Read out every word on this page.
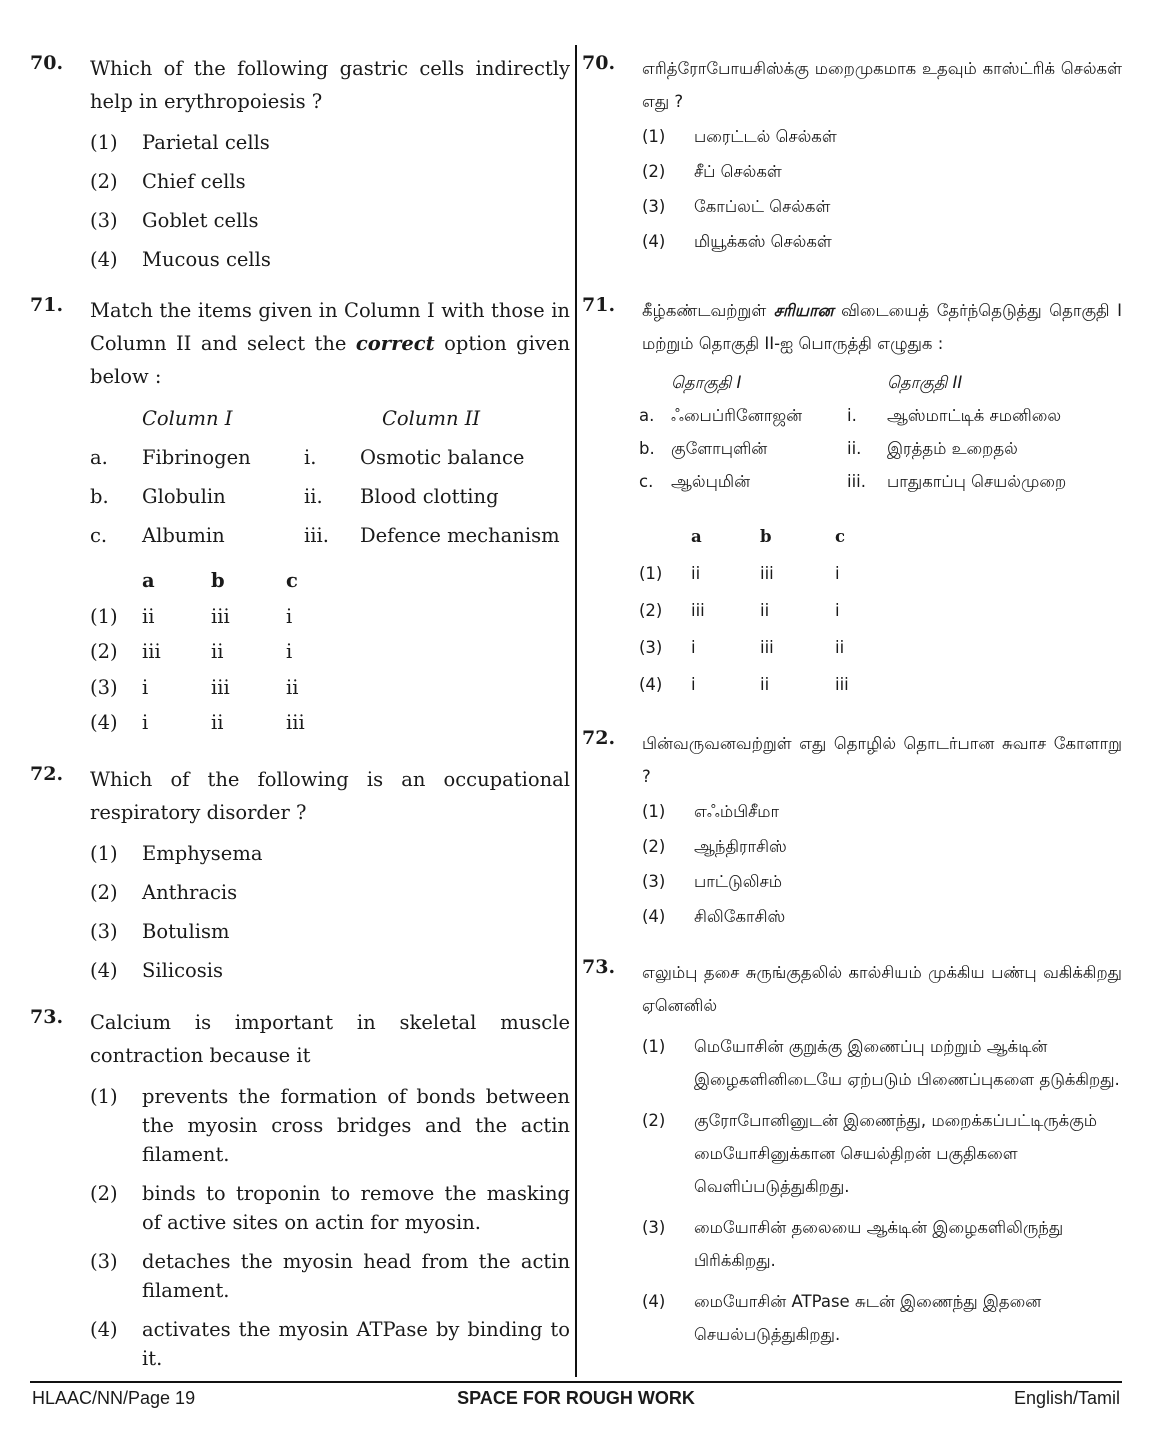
70. Which of the following gastric cells indirectly help in erythropoiesis ?
(1)	Parietal cells
(2)	Chief cells
(3)	Goblet cells
(4)	Mucous cells
71. Match the items given in Column I with those in Column II and select the correct option given below :
Column I	Column II
a.	Fibrinogen	i.	Osmotic balance
b.	Globulin	ii.	Blood clotting
c.	Albumin	iii.	Defence mechanism
a	b	c
(1)	ii	iii	i
(2)	iii	ii	i
(3)	i	iii	ii
(4)	i	ii	iii
72. Which of the following is an occupational respiratory disorder ?
(1)	Emphysema
(2)	Anthracis
(3)	Botulism
(4)	Silicosis
73. Calcium is important in skeletal muscle contraction because it
(1)	prevents the formation of bonds between the myosin cross bridges and the actin filament.
(2)	binds to troponin to remove the masking of active sites on actin for myosin.
(3)	detaches the myosin head from the actin filament.
(4)	activates the myosin ATPase by binding to it.
70. எரித்ரோபோயசிஸ்க்கு மறைமுகமாக உதவும் காஸ்ட்ரிக் செல்கள் எது ?
(1)	பரைட்டல் செல்கள்
(2)	சீப் செல்கள்
(3)	கோப்லட் செல்கள்
(4)	மியூக்கஸ் செல்கள்
71. கீழ்கண்டவற்றுள் சரியான விடையைத் தேர்ந்தெடுத்து தொகுதி I மற்றும் தொகுதி II-ஐ பொருத்தி எழுதுக :
தொகுதி I	தொகுதி II
a.	ஃபைப்ரினோஜன்	i.	ஆஸ்மாட்டிக் சமனிலை
b. குளோபுளின்	ii.	இரத்தம் உறைதல்
c.	ஆல்புமின்	iii.	பாதுகாப்பு செயல்முறை
a	b	c
(1)	ii	iii	i
(2)	iii	ii	i
(3)	i	iii	ii
(4)	i	ii	iii
72. பின்வருவனவற்றுள் எது தொழில் தொடர்பான சுவாச கோளாறு ?
(1)	எஃம்பிசீமா
(2)	ஆந்திராசிஸ்
(3)	பாட்டுலிசம்
(4)	சிலிகோசிஸ்
73. எலும்பு தசை சுருங்குதலில் கால்சியம் முக்கிய பண்பு வகிக்கிறது ஏனெனில்
(1)	மெயோசின் குறுக்கு இணைப்பு மற்றும் ஆக்டின் இழைகளினிடையே ஏற்படும் பிணைப்புகளை தடுக்கிறது.
(2)	குரோபோனினுடன் இணைந்து, மறைக்கப்பட்டிருக்கும் மையோசினுக்கான செயல்திறன் பகுதிகளை வெளிப்படுத்துகிறது.
(3)	மையோசின் தலையை ஆக்டின் இழைகளிலிருந்து பிரிக்கிறது.
(4)	மையோசின் ATPase சுடன் இணைந்து இதனை செயல்படுத்துகிறது.
HLAAC/NN/Page 19	SPACE FOR ROUGH WORK	English/Tamil
